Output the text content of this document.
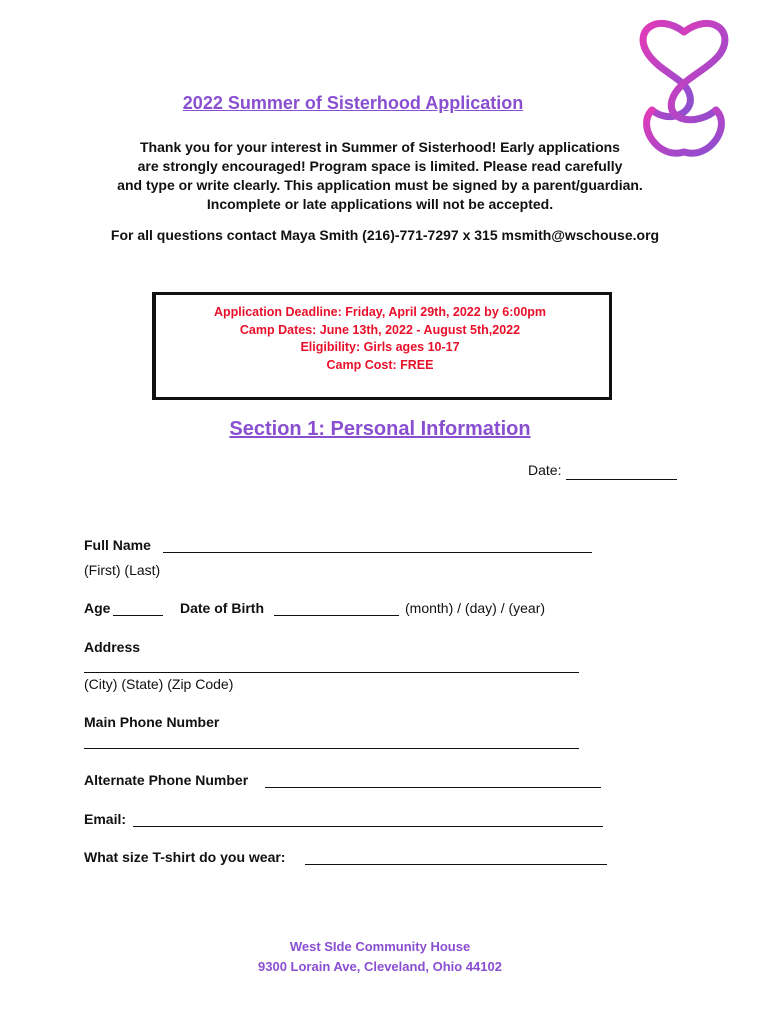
2022 Summer of Sisterhood Application
Thank you for your interest in Summer of Sisterhood! Early applications
are strongly encouraged! Program space is limited. Please read carefully
and type or write clearly. This application must be signed by a parent/guardian.
Incomplete or late applications will not be accepted.
For all questions contact Maya Smith (216)-771-7297 x 315 msmith@wschouse.org
Application Deadline: Friday, April 29th, 2022 by 6:00pm
Camp Dates: June 13th, 2022 - August 5th,2022
Eligibility: Girls ages 10-17
Camp Cost: FREE
Section 1: Personal Information
Date:
Full Name
(First) (Last)
Age	Date of Birth	(month) / (day) / (year)
Address
(City) (State) (Zip Code)
Main Phone Number
Alternate Phone Number
Email:
What size T-shirt do you wear:
West SIde Community House
9300 Lorain Ave, Cleveland, Ohio 44102
